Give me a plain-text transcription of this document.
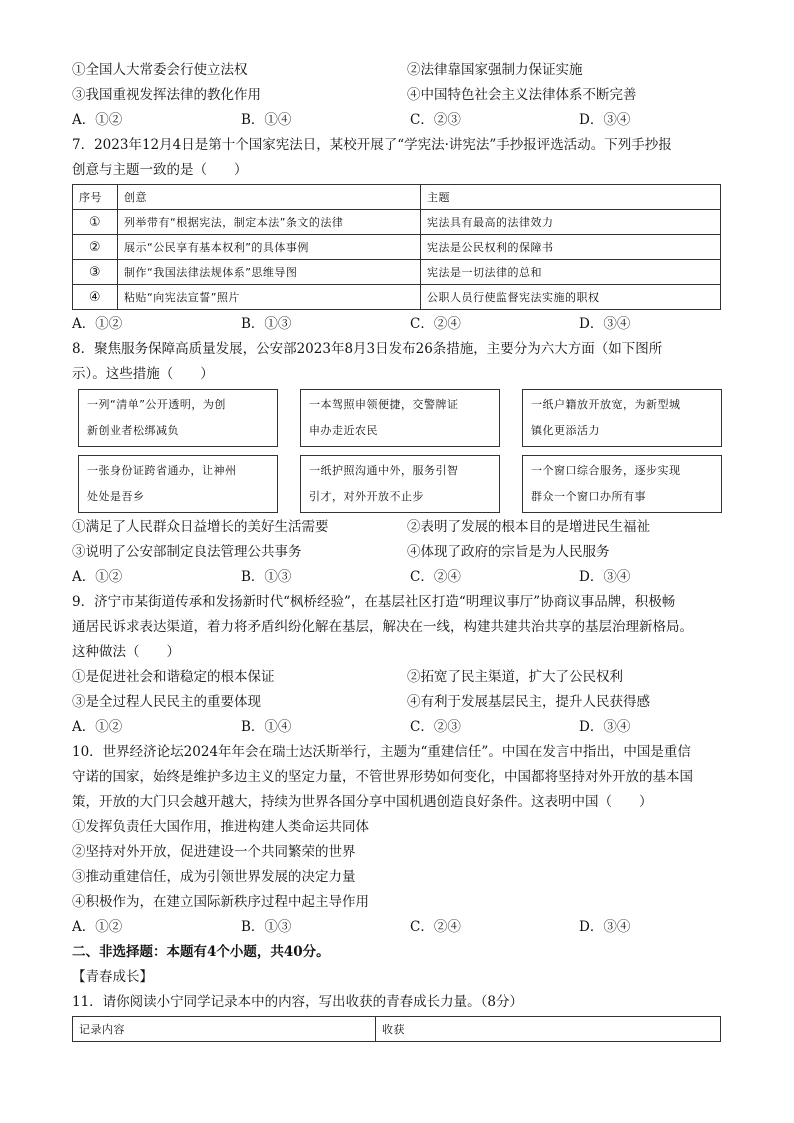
①全国人大常委会行使立法权	②法律靠国家强制力保证实施
③我国重视发挥法律的教化作用	④中国特色社会主义法律体系不断完善
A．①②	B．①④	C．②③	D．③④
7．2023年12月4日是第十个国家宪法日，某校开展了“学宪法·讲宪法”手抄报评选活动。下列手抄报
创意与主题一致的是（　　）
序号	创意	主题
①	列举带有“根据宪法，制定本法”条文的法律	宪法具有最高的法律效力
②	展示“公民享有基本权利”的具体事例	宪法是公民权利的保障书
③	制作“我国法律法规体系”思维导图	宪法是一切法律的总和
④	粘贴“向宪法宣誓”照片	公职人员行使监督宪法实施的职权
A．①②	B．①③	C．②④	D．③④
8．聚焦服务保障高质量发展，公安部2023年8月3日发布26条措施，主要分为六大方面（如下图所
示）。这些措施（　　）
一列“清单”公开透明，为创
新创业者松绑减负
一本驾照申领便捷，交警牌证
申办走近农民
一纸户籍放开放宽，为新型城
镇化更添活力
一张身份证跨省通办，让神州
处处是吾乡
一纸护照沟通中外，服务引智
引才，对外开放不止步
一个窗口综合服务，逐步实现
群众一个窗口办所有事
①满足了人民群众日益增长的美好生活需要	②表明了发展的根本目的是增进民生福祉
③说明了公安部制定良法管理公共事务	④体现了政府的宗旨是为人民服务
A．①②	B．①③	C．②④	D．③④
9．济宁市某街道传承和发扬新时代“枫桥经验”，在基层社区打造“明理议事厅”协商议事品牌，积极畅
通居民诉求表达渠道，着力将矛盾纠纷化解在基层，解决在一线，构建共建共治共享的基层治理新格局。
这种做法（　　）
①是促进社会和谐稳定的根本保证	②拓宽了民主渠道，扩大了公民权利
③是全过程人民民主的重要体现	④有利于发展基层民主，提升人民获得感
A．①②	B．①④	C．②③	D．③④
10．世界经济论坛2024年年会在瑞士达沃斯举行，主题为“重建信任”。中国在发言中指出，中国是重信
守诺的国家，始终是维护多边主义的坚定力量，不管世界形势如何变化，中国都将坚持对外开放的基本国
策，开放的大门只会越开越大，持续为世界各国分享中国机遇创造良好条件。这表明中国（　　）
①发挥负责任大国作用，推进构建人类命运共同体
②坚持对外开放，促进建设一个共同繁荣的世界
③推动重建信任，成为引领世界发展的决定力量
④积极作为，在建立国际新秩序过程中起主导作用
A．①②	B．①③	C．②④	D．③④
二、非选择题：本题有4个小题，共40分。
【青春成长】
11．请你阅读小宁同学记录本中的内容，写出收获的青春成长力量。（8分）
记录内容	收获
